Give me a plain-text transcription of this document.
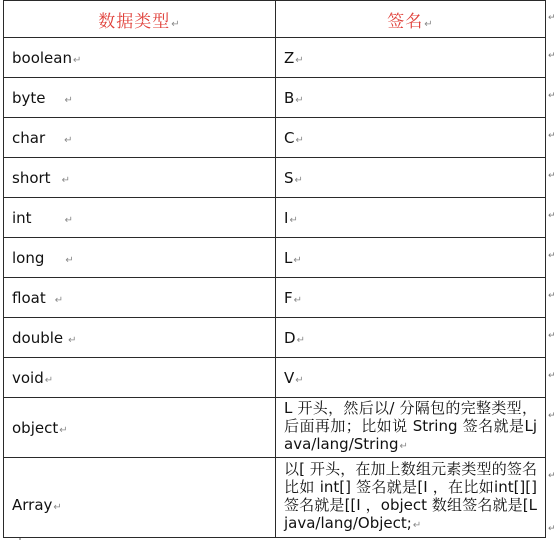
数据类型↵	签名↵
boolean↵	Z↵
byte ↵	B↵
char ↵	C↵
short ↵	S↵
int ↵	I↵
long ↵	L↵
float ↵	F↵
double ↵	D↵
void↵	V↵
object↵	L 开头，然后以/ 分隔包的完整类型，后面再加；比如说 String 签名就是Ljava/lang/String↵
Array↵	以[ 开头，在加上数组元素类型的签名比如 int[] 签名就是[I ，在比如int[][] 签名就是[[I ，object 数组签名就是[Ljava/lang/Object;↵
↵
↵
↵
↵
↵
↵
↵
↵
↵
↵
↵
↵
↵
